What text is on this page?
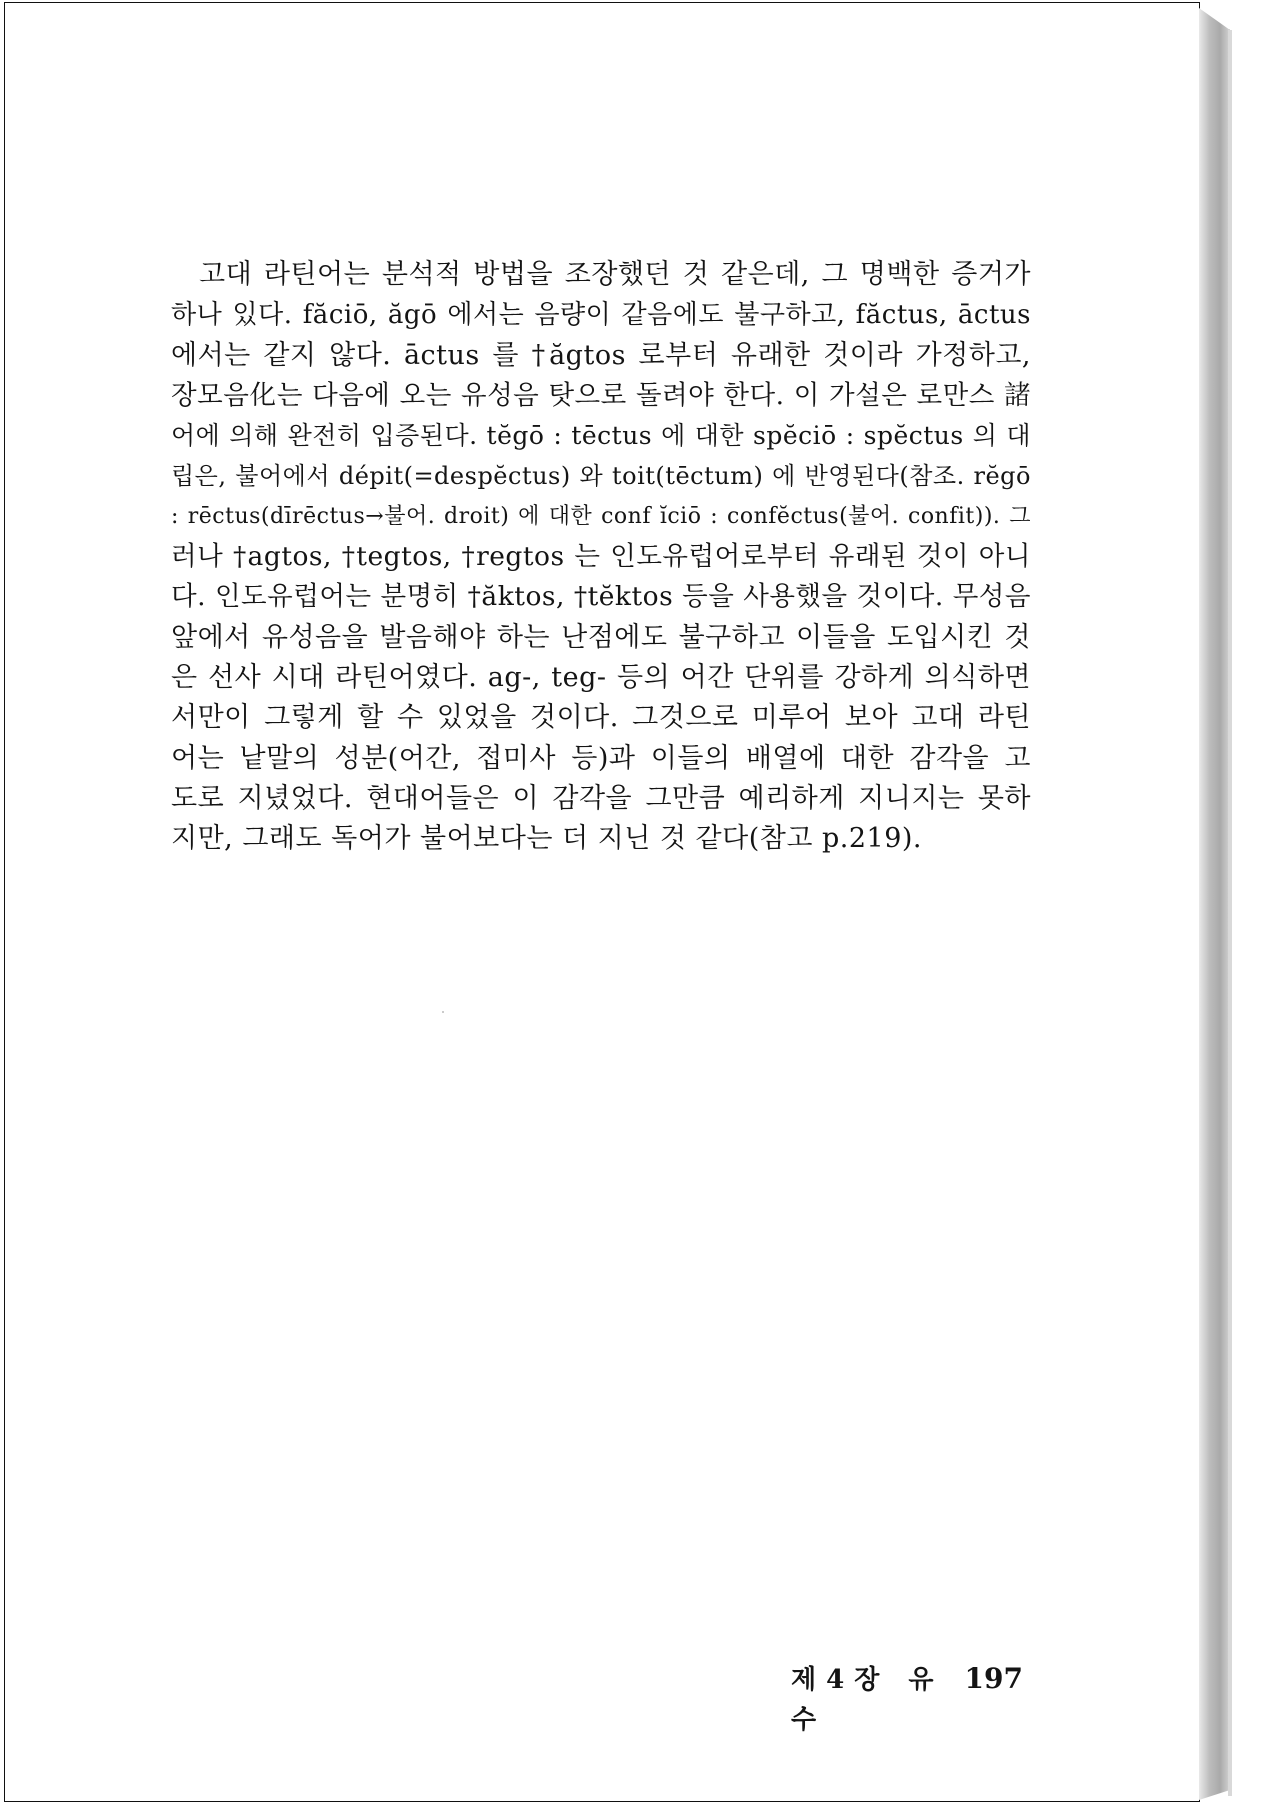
고대 라틴어는 분석적 방법을 조장했던 것 같은데, 그 명백한 증거가
하나 있다. făciō, ăgō 에서는 음량이 같음에도 불구하고, făctus, āctus
에서는 같지 않다. āctus 를 †ăgtos 로부터 유래한 것이라 가정하고,
장모음化는 다음에 오는 유성음 탓으로 돌려야 한다. 이 가설은 로만스 諸
어에 의해 완전히 입증된다. tĕgō : tēctus 에 대한 spĕciō : spĕctus 의 대
립은, 불어에서 dépit(=despĕctus) 와 toit(tēctum) 에 반영된다(참조. rĕgō
: rēctus(dīrēctus→불어. droit) 에 대한 conf ĭciō : confĕctus(불어. confit)). 그
러나 †agtos, †tegtos, †regtos 는 인도유럽어로부터 유래된 것이 아니
다. 인도유럽어는 분명히 †ăktos, †tĕktos 등을 사용했을 것이다. 무성음
앞에서 유성음을 발음해야 하는 난점에도 불구하고 이들을 도입시킨 것
은 선사 시대 라틴어였다. ag-, teg- 등의 어간 단위를 강하게 의식하면
서만이 그렇게 할 수 있었을 것이다. 그것으로 미루어 보아 고대 라틴
어는 낱말의 성분(어간, 접미사 등)과 이들의 배열에 대한 감각을 고
도로 지녔었다. 현대어들은 이 감각을 그만큼 예리하게 지니지는 못하
지만, 그래도 독어가 불어보다는 더 지닌 것 같다(참고 p.219).
제4장 유 수
197
